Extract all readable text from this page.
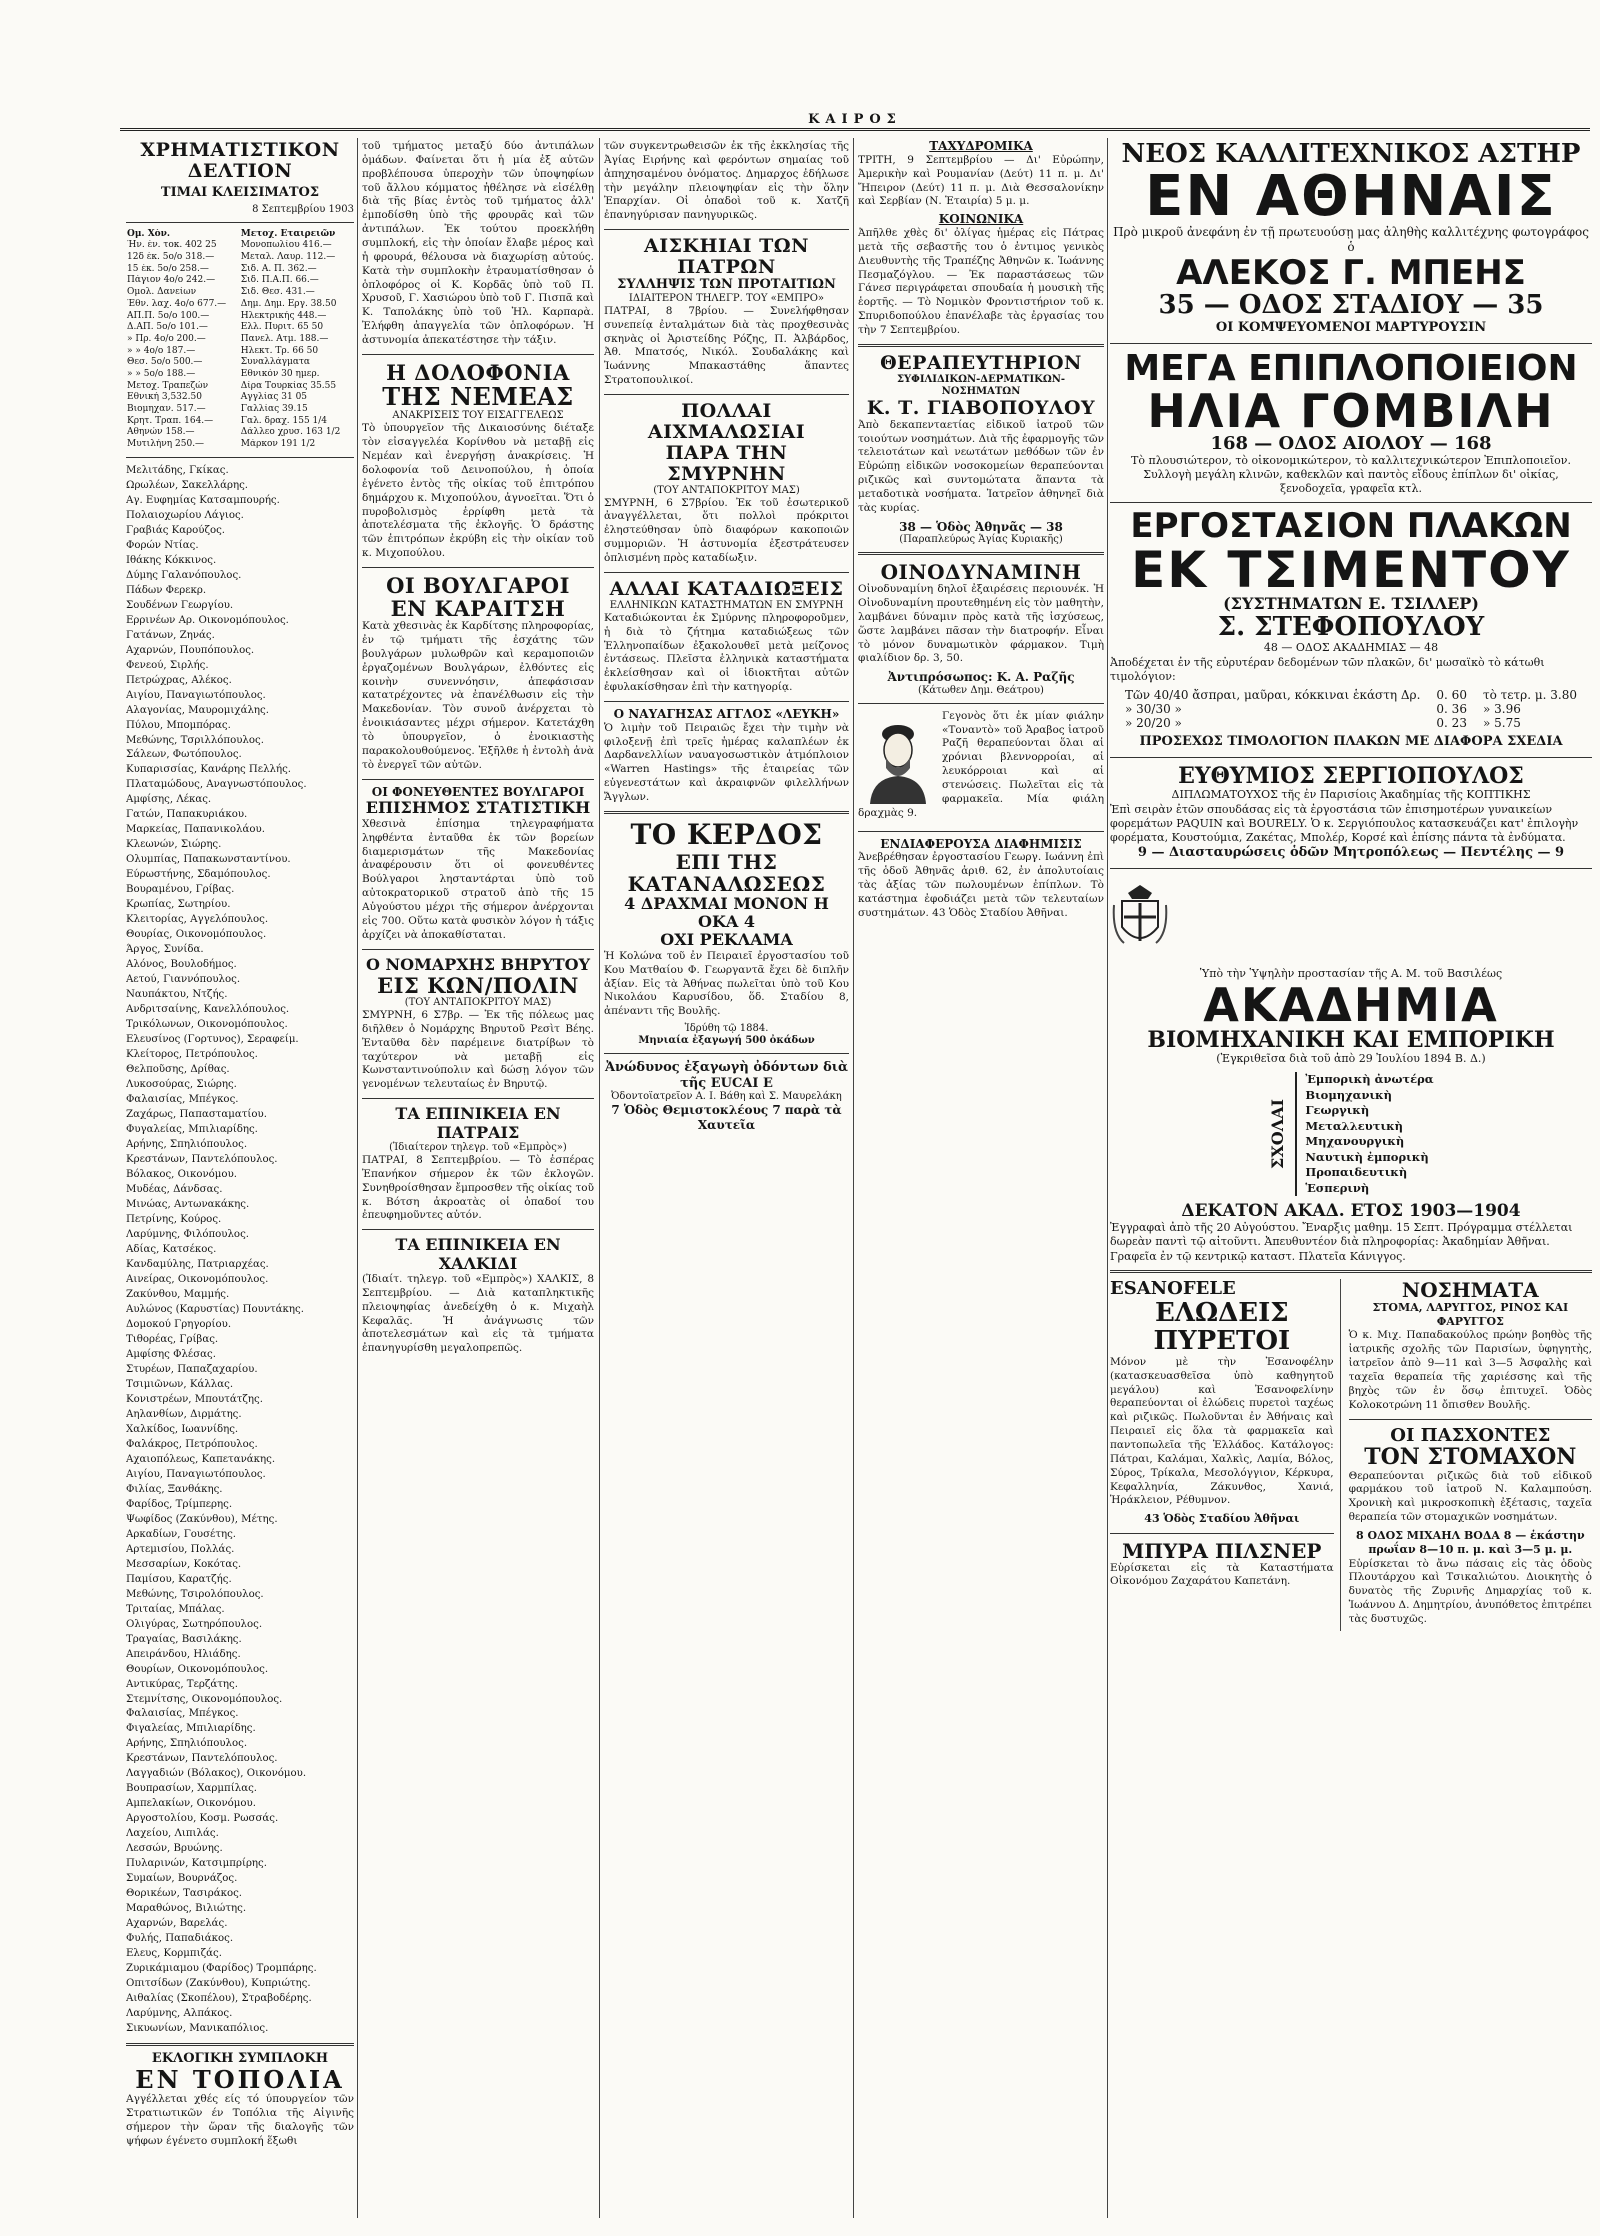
ΚΑΙΡΟΣ
ΧΡΗΜΑΤΙΣΤΙΚΟΝ ΔΕΛΤΙΟΝ
ΤΙΜΑΙ ΚΛΕΙΣΙΜΑΤΟΣ
8 Σεπτεμβρίου 1903
Ομ. Χόν.	Μετοχ. Εταιρειῶν
Ήν. έν. τοκ. 402 25	Μονοπωλίου 416.—
12δ έκ. 5ο/ο 318.—	Μεταλ. Λαυρ. 112.—
15 έκ. 5ο/ο 258.—	Σιδ. Α. Π. 362.—
Πάγιον 4ο/ο 242.—	Σιδ. Π.Α.Π. 66.—
Ομολ. Δανείων	Σιδ. Θεσ. 431.—
Έθν. λαχ. 4ο/ο 677.—	Δημ. Δημ. Εργ. 38.50
ΑΠ.Π. 5ο/ο 100.—	Ηλεκτρικής 448.—
Δ.ΑΠ. 5ο/ο 101.—	Ελλ. Πυριτ. 65 50
» Πρ. 4ο/ο 200.—	Πανελ. Ατμ. 188.—
» » 4ο/ο 187.—	Ηλεκτ. Τρ. 66 50
Θεσ. 5ο/ο 500.—	Συναλλάγματα
» » 5ο/ο 188.—	Εθνικόν 30 ημερ.
Μετοχ. Τραπεζών	Δίρα Τουρκίας 35.55
Εθνική 3,532.50	Αγγλίας 31 05
Βιομηχαν. 517.—	Γαλλίας 39.15
Κρητ. Τραπ. 164.—	Γαλ. δραχ. 155 1/4
Αθηνών 158.—	Δάλλεο χρυσ. 163 1/2
Μυτιλήνη 250.—	Μάρκον 191 1/2
Μελιτάδης, Γκίκας.
Ωρωλέων, Σακελλάρης.
Αγ. Ευφημίας Κατσαμπουρής.
Πολαιοχωρίου Λάγιος.
Γραβιάς Καρούζος.
Φορών Ντίας.
Ιθάκης Κόκκινος.
Δύμης Γαλανόπουλος.
Πάδων Φερεκρ.
Σουδένων Γεωργίου.
Ερρινέων Αρ. Οικονομόπουλος.
Γατάνων, Ζηνάς.
Αχαρνών, Πουπόπουλος.
Φενεού, Σιρλής.
Πετρώχρας, Αλέκος.
Αιγίου, Παναγιωτόπουλος.
Αλαγονίας, Μαυρομιχάλης.
Πύλου, Μπομπόρας.
Μεθώνης, Τσριλλόπουλος.
Σάλεων, Φωτόπουλος.
Κυπαρισσίας, Κανάρης Πελλής.
Πλαταμώδους, Αναγνωστόπουλος.
Αμφίσης, Λέκας.
Γατών, Παπακυριάκου.
Μαρκείας, Παπανικολάου.
Κλεωνών, Σιώρης.
Ολυμπίας, Παπακωνσταντίνου.
Εύρωστήνης, Σδαμόπουλος.
Βουραμένου, Γρίβας.
Κρωπίας, Σωτηρίου.
Κλειτορίας, Αγγελόπουλος.
Θουρίας, Οικονομόπουλος.
Άργος, Συνίδα.
Αλόνος, Βουλοδήμος.
Αετού, Γιαννόπουλος.
Ναυπάκτου, Ντζής.
Ανδριτσαίνης, Κανελλόπουλος.
Τρικόλωνων, Οικονομόπουλος.
Ελευσίνος (Γορτυνος), Σεραφείμ.
Κλείτορος, Πετρόπουλος.
Θελποῦσης, Δρίθας.
Λυκοσούρας, Σιώρης.
Φαλαισίας, Μπέγκος.
Ζαχάρως, Παπασταματίου.
Φυγαλείας, Μπιλιαρίδης.
Αρήνης, Σπηλιόπουλος.
Κρεστάνων, Παντελόπουλος.
Βόλακος, Οικονόμου.
Μυδέας, Δάνδσας.
Μινώας, Αντωνακάκης.
Πετρίνης, Κούρος.
Λαρύμνης, Φιλόπουλος.
Αδίας, Κατσέκος.
Κανδαμύλης, Πατριαρχέας.
Αινείρας, Οικονομόπουλος.
Ζακύνθου, Μαμμής.
Αυλώνος (Καρυστίας) Πουντάκης.
Δομοκού Γρηγορίου.
Τιθορέας, Γρίβας.
Αμφίσης Φλέσας.
Στυρέων, Παπαζαχαρίου.
Τσιμιῶνων, Κάλλας.
Κονιστρέων, Μπουτάτζης.
Αηλανθίων, Διρμάτης.
Χαλκίδος, Ιωαννίδης.
Φαλάκρος, Πετρόπουλος.
Αχαιοπόλεως, Καπετανάκης.
Αιγίου, Παναγιωτόπουλος.
Φιλίας, Ξανθάκης.
Φαρίδος, Τρίμπερης.
Ψωφίδος (Ζακύνθου), Μέτης.
Αρκαδίων, Γουσέτης.
Αρτεμισίου, Πολλάς.
Μεσσαρίων, Κοκότας.
Παμίσου, Καρατζής.
Μεθώνης, Τσιρολόπουλος.
Τριταίας, Μπάλας.
Ολιγύρας, Σωτηρόπουλος.
Τραγαίας, Βασιλάκης.
Απειράνδου, Ηλιάδης.
Θουρίων, Οικονομόπουλος.
Αντικύρας, Τερζάτης.
Στεμνίτσης, Οικονομόπουλος.
Φαλαισίας, Μπέγκος.
Φιγαλείας, Μπιλιαρίδης.
Αρήνης, Σπηλιόπουλος.
Κρεστάνων, Παντελόπουλος.
Λαγγαδιών (Βόλακος), Οικονόμου.
Βουπρασίων, Χαρμπίλας.
Αμπελακίων, Οικονόμου.
Αργοστολίου, Κοσμ. Ρωσσάς.
Λαχείου, Λιπιλάς.
Λεσσών, Βρυώνης.
Πυλαρινών, Κατσιμπρίρης.
Συμαίων, Βουρνάζος.
Θορικέων, Τασιράκος.
Μαραθώνος, Βιλιώτης.
Αχαρνών, Βαρελάς.
Φυλής, Παπαδιάκος.
Ελευς, Κορμπιζάς.
Ζυρικάμιαμου (Φαρίδος) Τρομπάρης.
Οπιτσίδων (Ζακύνθου), Κυπριώτης.
Αιθαλίας (Σκοπέλου), Στραβοδέρης.
Λαρύμνης, Αλπάκος.
Σικυωνίων, Μανικαπόλιος.
ΕΚΛΟΓΙΚΗ ΣΥΜΠΛΟΚΗ
ΕΝ ΤΟΠΟΛΙΑ

Αγγέλλεται χθές είς τό ύπουργείον τῶν Στρατιωτικῶν έν Τοπόλια τῆς Αἰγινῆς σήμερον τὴν ὥραν τῆς διαλογῆς τῶν ψήφων έγένετο συμπλοκή ἕξωθι

τοῦ τμήματος μεταξύ δύο ἀντιπάλων ὁμάδων. Φαίνεται ὅτι ἡ μία ἐξ αὐτῶν προβλέπουσα ὑπεροχὴν τῶν ὑποψηφίων τοῦ ἄλλου κόμματος ἠθέλησε νὰ εἰσέλθῃ διὰ τῆς βίας ἐντὸς τοῦ τμήματος ἀλλ' ἐμποδίσθη ὑπὸ τῆς φρουρᾶς καὶ τῶν ἀντιπάλων. Ἐκ τούτου προεκλήθη συμπλοκή, εἰς τὴν ὁποίαν ἔλαβε μέρος καὶ ἡ φρουρά, θέλουσα νὰ διαχωρίσῃ αὐτούς. Κατὰ τὴν συμπλοκὴν ἐτραυματίσθησαν ὁ ὁπλοφόρος οἱ Κ. Κορδᾶς ὑπὸ τοῦ Π. Χρυσοῦ, Γ. Χασιώρου ὑπὸ τοῦ Γ. Πισπᾶ καὶ Κ. Ταπολάκης ὑπὸ τοῦ Ἠλ. Καρπαρὰ. Ἐλήφθη ἀπαγγελία τῶν ὁπλοφόρων. Ἡ ἀστυνομία ἀπεκατέστησε τὴν τάξιν.

Η ΔΟΛΟΦΟΝΙΑ
ΤΗΣ ΝΕΜΕΑΣ
ΑΝΑΚΡΙΣΕΙΣ ΤΟΥ ΕΙΣΑΓΓΕΛΕΩΣ

Τὸ ὑπουργεῖον τῆς Δικαιοσύνης διέταξε τὸν εἰσαγγελέα Κορίνθου νὰ μεταβῇ εἰς Νεμέαν καὶ ἐνεργήσῃ ἀνακρίσεις. Ἡ δολοφονία τοῦ Δεινοπούλου, ἡ ὁποία ἐγένετο ἐντὸς τῆς οἰκίας τοῦ ἐπιτρόπου δημάρχου κ. Μιχοπούλου, ἀγνοεῖται. Ὅτι ὁ πυροβολισμὸς ἐρρίφθη μετὰ τὰ ἀποτελέσματα τῆς ἐκλογῆς. Ὁ δράστης τῶν ἐπιτρόπων ἐκρύβη εἰς τὴν οἰκίαν τοῦ κ. Μιχοπούλου.

ΟΙ ΒΟΥΛΓΑΡΟΙ
ΕΝ ΚΑΡΑΙΤΣΗ

Κατὰ χθεσινὰς ἐκ Καρδίτσης πληροφορίας, ἐν τῷ τμήματι τῆς ἐσχάτης τῶν βουλγάρων μυλωθρῶν καὶ κεραμοποιῶν ἐργαζομένων Βουλγάρων, ἐλθόντες εἰς κοινὴν συνεννόησιν, ἀπεφάσισαν κατατρέχοντες νὰ ἐπανέλθωσιν εἰς τὴν Μακεδονίαν. Τὸν συνοῦ ἀνέρχεται τὸ ἐνοικιάσαντες μέχρι σήμερον. Κατετάχθη τὸ ὑπουργεῖον, ὁ ἐνοικιαστὴς παρακολουθούμενος. Ἐξῆλθε ἡ ἐντολὴ ἀνὰ τὸ ἐνεργεῖ τῶν αὐτῶν.

ΟΙ ΦΟΝΕΥΘΕΝΤΕΣ ΒΟΥΛΓΑΡΟΙ
ΕΠΙΣΗΜΟΣ ΣΤΑΤΙΣΤΙΚΗ

Χθεσινὰ ἐπίσημα τηλεγραφήματα ληφθέντα ἐνταῦθα ἐκ τῶν βορείων διαμερισμάτων τῆς Μακεδονίας ἀναφέρουσιν ὅτι οἱ φονευθέντες Βούλγαροι λησταντάρται ὑπὸ τοῦ αὐτοκρατορικοῦ στρατοῦ ἀπὸ τῆς 15 Αὐγούστου μέχρι τῆς σήμερον ἀνέρχονται εἰς 700. Οὕτω κατὰ φυσικὸν λόγον ἡ τάξις ἀρχίζει νὰ ἀποκαθίσταται.

Ο ΝΟΜΑΡΧΗΣ ΒΗΡΥΤΟΥ
ΕΙΣ ΚΩΝ/ΠΟΛΙΝ
(ΤΟΥ ΑΝΤΑΠΟΚΡΙΤΟΥ ΜΑΣ)

ΣΜΥΡΝΗ, 6 Σ7βρ. — Ἐκ τῆς πόλεως μας διῆλθεν ὁ Νομάρχης Βηρυτοῦ Ρεσὶτ Βέης. Ἐνταῦθα δὲν παρέμεινε διατρίβων τὸ ταχύτερον νὰ μεταβῇ εἰς Κωνσταντινούπολιν καὶ δώσῃ λόγον τῶν γενομένων τελευταίως ἐν Βηρυτῷ.

ΤΑ ΕΠΙΝΙΚΕΙΑ ΕΝ ΠΑΤΡΑΙΣ
(Ἰδιαίτερον τηλεγρ. τοῦ «Εμπρὸς»)

ΠΑΤΡΑΙ, 8 Σεπτεμβρίου. — Τὸ ἐσπέρας Ἐπανήκον σήμερον ἐκ τῶν ἐκλογῶν. Συνηθροίσθησαν ἔμπροσθεν τῆς οἰκίας τοῦ κ. Βότση ἀκροατὰς οἱ ὀπαδοί του ἐπευφημοῦντες αὐτόν.

ΤΑ ΕΠΙΝΙΚΕΙΑ ΕΝ ΧΑΛΚΙΔΙ

(Ἰδιαίτ. τηλεγρ. τοῦ «Εμπρὸς») ΧΑΛΚΙΣ, 8 Σεπτεμβρίου. — Διὰ καταπληκτικῆς πλειοψηφίας ἀνεδείχθη ὁ κ. Μιχαὴλ Κεφαλᾶς. Ἡ ἀνάγνωσις τῶν ἀποτελεσμάτων καὶ εἰς τὰ τμήματα ἐπανηγυρίσθη μεγαλοπρεπῶς.

τῶν συγκεντρωθεισῶν ἐκ τῆς ἐκκλησίας τῆς Ἀγίας Ειρήνης καὶ φερόντων σημαίας τοῦ ἀπηχησαμένου ὀνόματος. Δημαρχος ἐδήλωσε τὴν μεγάλην πλειοψηφίαν εἰς τὴν ὅλην Ἐπαρχίαν. Οἱ ὁπαδοὶ τοῦ κ. Χατζῆ ἐπανηγύρισαν πανηγυρικῶς.

ΑΙΣΚΗΙΑΙ ΤΩΝ ΠΑΤΡΩΝ
ΣΥΛΛΗΨΙΣ ΤΩΝ ΠΡΟΤΑΙΤΙΩΝ
ΙΔΙΑΙΤΕΡΟΝ ΤΗΛΕΓΡ. ΤΟΥ «ΕΜΠΡΟ»

ΠΑΤΡΑΙ, 8 7βρίου. — Συνελήφθησαν συνεπείᾳ ἐνταλμάτων διὰ τὰς προχθεσινὰς σκηνὰς οἱ Ἀριστείδης Ρόζης, Π. Ἀλβάρδος, Ἀθ. Μπατσός, Νικόλ. Σουδαλάκης καὶ Ἰωάννης Μπακαστάθης ἅπαντες Στρατοπουλικοί.

ΠΟΛΛΑΙ ΑΙΧΜΑΛΩΣΙΑΙ
ΠΑΡΑ ΤΗΝ ΣΜΥΡΝΗΝ
(ΤΟΥ ΑΝΤΑΠΟΚΡΙΤΟΥ ΜΑΣ)

ΣΜΥΡΝΗ, 6 Σ7βρίου. Ἐκ τοῦ ἐσωτερικοῦ ἀναγγέλλεται, ὅτι πολλοὶ πρόκριτοι ἐληστεύθησαν ὑπὸ διαφόρων κακοποιῶν συμμοριῶν. Ἡ ἀστυνομία ἐξεστράτευσεν ὁπλισμένη πρὸς καταδίωξιν.

ΑΛΛΑΙ ΚΑΤΑΔΙΩΞΕΙΣ
ΕΛΛΗΝΙΚΩΝ ΚΑΤΑΣΤΗΜΑΤΩΝ ΕΝ ΣΜΥΡΝΗ

Καταδιώκονται ἐκ Σμύρνης πληροφοροῦμεν, ἡ διὰ τὸ ζήτημα καταδιώξεως τῶν Ἑλληνοπαίδων ἐξακολουθεῖ μετὰ μείζονος ἐντάσεως. Πλεῖστα ἑλληνικὰ καταστήματα ἐκλείσθησαν καὶ οἱ ἰδιοκτῆται αὐτῶν ἐφυλακίσθησαν ἐπὶ τὴν κατηγορίᾳ.

Ο ΝΑΥΑΓΗΣΑΣ ΑΓΓΛΟΣ «ΛΕΥΚΗ»

Ὁ λιμὴν τοῦ Πειραιῶς ἔχει τὴν τιμὴν νὰ φιλοξενῇ ἐπὶ τρεῖς ἡμέρας καλαπλέων ἐκ Δαρδανελλίων ναυαγοσωστικὸν ἀτμόπλοιον «Warren Hastings» τῆς ἐταιρείας τῶν εὐγενεστάτων καὶ ἀκραιφνῶν φιλελλήνων Ἄγγλων.

ΤΟ ΚΕΡΔΟΣ
ΕΠΙ ΤΗΣ ΚΑΤΑΝΑΛΩΣΕΩΣ
4 ΔΡΑΧΜΑΙ ΜΟΝΟΝ Η ΟΚΑ 4
ΟΧΙ ΡΕΚΛΑΜΑ

Ἡ Κολώνα τοῦ ἐν Πειραιεῖ ἐργοστασίου τοῦ Κου Ματθαίου Φ. Γεωργαντᾶ ἔχει δὲ διπλῆν ἀξίαν. Εἰς τὰ Ἀθήνας πωλεῖται ὑπὸ τοῦ Κου Νικολάου Καρυσίδου, ὅδ. Σταδίου 8, ἀπέναντι τῆς Βουλῆς.

Ἱδρύθη τῷ 1884.
Μηνιαία ἐξαγωγή 500 ὀκάδων
Ἀνώδυνος ἐξαγωγὴ ὀδόντων διὰ τῆς EUCAI E
Ὀδοντοϊατρεῖον Α. Ι. Βάθη καὶ Σ. Μαυρελάκη
7 Ὁδὸς Θεμιστοκλέους 7 παρὰ τὰ Χαυτεῖα
ΤΑΧΥΔΡΟΜΙΚΑ

ΤΡΙΤΗ, 9 Σεπτεμβρίου — Δι' Εὐρώπην, Ἀμερικὴν καὶ Ρουμανίαν (Δεύτ) 11 π. μ. Δι' Ἤπειρον (Δεύτ) 11 π. μ. Διὰ Θεσσαλονίκην καὶ Σερβίαν (Ν. Ἑταιρία) 5 μ. μ.

ΚΟΙΝΩΝΙΚΑ

Ἀπῆλθε χθὲς δι' ὀλίγας ἡμέρας εἰς Πάτρας μετὰ τῆς σεβαστῆς του ὁ ἐντιμος γενικὸς Διευθυντὴς τῆς Τραπέζης Ἀθηνῶν κ. Ἰωάννης Πεσμαζόγλου. — Ἐκ παραστάσεως τῶν Γάνεσ περιγράφεται σπουδαία ἡ μουσικὴ τῆς ἑορτῆς. — Τὸ Νομικὸν Φροντιστήριον τοῦ κ. Σπυριδοπούλου ἐπανέλαβε τὰς ἐργασίας του τὴν 7 Σεπτεμβρίου.

ΘΕΡΑΠΕΥΤΗΡΙΟΝ
ΣΥΦΙΛΙΔΙΚΩΝ-ΔΕΡΜΑΤΙΚΩΝ-ΝΟΣΗΜΑΤΩΝ
Κ. Τ. ΓΙΑΒΟΠΟΥΛΟΥ

Ἀπὸ δεκαπενταετίας εἰδικοῦ ἰατροῦ τῶν τοιούτων νοσημάτων. Διὰ τῆς ἐφαρμογῆς τῶν τελειοτάτων καὶ νεωτάτων μεθόδων τῶν ἐν Εὐρώπῃ εἰδικῶν νοσοκομείων θεραπεύονται ριζικῶς καὶ συντομώτατα ἅπαντα τὰ μεταδοτικὰ νοσήματα. Ἰατρεῖον ἀθηνηεῖ διὰ τὰς κυρίας.

38 — Ὁδὸς Ἀθηνᾶς — 38
(Παραπλεύρως Ἁγίας Κυριακῆς)
ΟΙΝΟΔΥΝΑΜΙΝΗ

Οἰνοδυναμίνη δηλοῖ ἐξαιρέσεις περιουνέκ. Ἡ Οἰνοδυναμίνη προυτεθημένη εἰς τὸν μαθητὴν, λαμβάνει δύναμιν πρὸς κατὰ τῆς ἰσχύσεως, ὥστε λαμβάνει πᾶσαν τὴν διατροφήν. Εἶναι τὸ μόνον δυναμωτικὸν φάρμακον. Τιμὴ φιαλίδιον δρ. 3, 50.

Ἀντιπρόσωπος: Κ. Α. Ραζῆς
(Κάτωθεν Δημ. Θεάτρου)

Γεγονὸς ὅτι ἐκ μίαν φιάλην «Τοναντὸ» τοῦ Ἀραβος ἰατροῦ Ραζῆ θεραπεύονται ὅλαι αἱ χρόνιαι βλεννορροίαι, αἱ λευκόρροιαι καὶ αἱ στενώσεις. Πωλεῖται εἰς τὰ φαρμακεῖα. Μία φιάλη δραχμὰς 9.

ΕΝΔΙΑΦΕΡΟΥΣΑ ΔΙΑΦΗΜΙΣΙΣ

Ἀνεβρέθησαν ἐργοστασίου Γεωργ. Ιωάννη ἐπὶ τῆς ὁδοῦ Ἀθηνᾶς ἀριθ. 62, ἐν ἀπολυτοίαις τὰς ἀξίας τῶν πωλουμένων ἐπίπλων. Τὸ κατάστημα ἐφοδιάζει μετὰ τῶν τελευταίων συστημάτων. 43 Ὁδὸς Σταδίου Ἀθῆναι.

ΝΕΟΣ ΚΑΛΛΙΤΕΧΝΙΚΟΣ ΑΣΤΗΡ
ΕΝ ΑΘΗΝΑΙΣ
Πρὸ μικροῦ ἀνεφάνη ἐν τῇ πρωτευούσῃ μας ἀληθὴς καλλιτέχνης φωτογράφος ὁ
ΑΛΕΚΟΣ Γ. ΜΠΕΗΣ
35 — ΟΔΟΣ ΣΤΑΔΙΟΥ — 35
ΟΙ ΚΟΜΨΕΥΟΜΕΝΟΙ ΜΑΡΤΥΡΟΥΣΙΝ
ΜΕΓΑ ΕΠΙΠΛΟΠΟΙΕΙΟΝ
ΗΛΙΑ ΓΟΜΒΙΛΗ
168 — ΟΔΟΣ ΑΙΟΛΟΥ — 168
Τὸ πλουσιώτερον, τὸ οἰκονομικώτερον, τὸ καλλιτεχνικώτερον Ἐπιπλοποιεῖον. Συλλογὴ μεγάλη κλινῶν, καθεκλῶν καὶ παντὸς εἴδους ἐπίπλων δι' οἰκίας, ξενοδοχεῖα, γραφεῖα κτλ.
ΕΡΓΟΣΤΑΣΙΟΝ ΠΛΑΚΩΝ
ΕΚ ΤΣΙΜΕΝΤΟΥ
(ΣΥΣΤΗΜΑΤΩΝ Ε. ΤΣΙΛΛΕΡ)
Σ. ΣΤΕΦΟΠΟΥΛΟΥ
48 — ΟΔΟΣ ΑΚΑΔΗΜΙΑΣ — 48
Ἀποδέχεται ἐν τῆς εὐρυτέραν δεδομένων τῶν πλακῶν, δι' μωσαϊκὸ τὸ κάτωθι τιμολόγιον:
Τῶν 40/40 ἄσπραι, μαῦραι, κόκκιναι ἑκάστη Δρ.	0. 60	τὸ τετρ. μ. 3.80
» 30/30 »	0. 36	» 3.96
» 20/20 »	0. 23	» 5.75
ΠΡΟΣΕΧΩΣ ΤΙΜΟΛΟΓΙΟΝ ΠΛΑΚΩΝ ΜΕ ΔΙΑΦΟΡΑ ΣΧΕΔΙΑ
ΕΥΘΥΜΙΟΣ ΣΕΡΓΙΟΠΟΥΛΟΣ
ΔΙΠΛΩΜΑΤΟΥΧΟΣ τῆς ἐν Παρισίοις Ἀκαδημίας τῆς ΚΟΠΤΙΚΗΣ
Ἐπὶ σειρὰν ἐτῶν σπουδάσας εἰς τὰ ἐργοστάσια τῶν ἐπισημοτέρων γυναικείων φορεμάτων PAQUIN καὶ BOURELY. Ὁ κ. Σεργιόπουλος κατασκευάζει κατ' ἐπιλογὴν φορέματα, Κουστούμια, Ζακέτας, Μπολέρ, Κορσέ καὶ ἐπίσης πάντα τὰ ἐνδύματα.
9 — Διασταυρώσεις ὁδῶν Μητροπόλεως — Πεντέλης — 9
Ὑπὸ τὴν Ὑψηλὴν προστασίαν τῆς Α. Μ. τοῦ Βασιλέως
ΑΚΑΔΗΜΙΑ
ΒΙΟΜΗΧΑΝΙΚΗ ΚΑΙ ΕΜΠΟΡΙΚΗ
(Ἐγκριθεῖσα διὰ τοῦ ἀπὸ 29 Ἰουλίου 1894 Β. Δ.)
ΣΧΟΛΑΙ
Ἐμπορικὴ ἀνωτέρα
Βιομηχανικὴ
Γεωργικὴ
Μεταλλευτικὴ
Μηχανουργικὴ
Ναυτικὴ ἐμπορικὴ
Προπαιδευτικὴ
Ἑσπερινὴ
ΔΕΚΑΤΟΝ ΑΚΑΔ. ΕΤΟΣ 1903—1904
Ἐγγραφαὶ ἀπὸ τῆς 20 Αὐγούστου. Ἔναρξις μαθημ. 15 Σεπτ. Πρόγραμμα στέλλεται δωρεὰν παντὶ τῷ αἰτοῦντι. Ἀπευθυντέον διὰ πληροφορίας: Ἀκαδημίαν Ἀθῆναι. Γραφεῖα ἐν τῷ κεντρικῷ καταστ. Πλατεῖα Κάνιγγος.
ESANOFELE
ΕΛΩΔΕΙΣ ΠΥΡΕΤΟΙ

Μόνον μὲ τὴν Ἐσανοφέλην (κατασκευασθεῖσα ὑπὸ καθηγητοῦ μεγάλου) καὶ Ἐσανοφελίνην θεραπεύονται οἱ ἐλώδεις πυρετοὶ ταχέως καὶ ριζικῶς. Πωλοῦνται ἐν Ἀθήναις καὶ Πειραιεῖ εἰς ὅλα τὰ φαρμακεῖα καὶ παντοπωλεῖα τῆς Ἑλλάδος. Κατάλογος: Πάτραι, Καλάμαι, Χαλκὶς, Λαμία, Βόλος, Σύρος, Τρίκαλα, Μεσολόγγιον, Κέρκυρα, Κεφαλληνία, Ζάκυνθος, Χανιά, Ἡράκλειον, Ρέθυμνον.

43 Ὁδὸς Σταδίου Ἀθῆναι
ΜΠΥΡΑ ΠΙΛΣΝΕΡ

Εὑρίσκεται εἰς τὰ Καταστήματα Οἰκονόμου Ζαχαράτου Καπετάνη.

ΝΟΣΗΜΑΤΑ
ΣΤΟΜΑ, ΛΑΡΥΓΓΟΣ, ΡΙΝΟΣ ΚΑΙ ΦΑΡΥΓΓΟΣ

Ὁ κ. Μιχ. Παπαδακούλος πρώην βοηθὸς τῆς ἰατρικῆς σχολῆς τῶν Παρισίων, ὑφηγητὴς, ἰατρεῖον ἀπὸ 9—11 καὶ 3—5 Ἀσφαλὴς καὶ ταχεῖα θεραπεία τῆς χαριέσσης καὶ τῆς βηχὸς τῶν ἐν ὅσῳ ἐπιτυχεῖ. Ὁδὸς Κολοκοτρώνη 11 ὄπισθεν Βουλῆς.

ΟΙ ΠΑΣΧΟΝΤΕΣ
ΤΟΝ ΣΤΟΜΑΧΟΝ

Θεραπεύονται ριζικῶς διὰ τοῦ εἰδικοῦ φαρμάκου τοῦ ἰατροῦ Ν. Καλαμπούση. Χρονικὴ καὶ μικροσκοπικὴ ἐξέτασις, ταχεῖα θεραπεία τῶν στομαχικῶν νοσημάτων.

8 ΟΔΟΣ ΜΙΧΑΗΛ ΒΟΔΑ 8 — ἑκάστην πρωΐαν 8—10 π. μ. καὶ 3—5 μ. μ.

Εὑρίσκεται τὸ ἄνω πάσαις εἰς τὰς ὁδοὺς Πλουτάρχου καὶ Τσικαλιώτου. Διοικητὴς ὁ δυνατὸς τῆς Ζυρινῆς Δημαρχίας τοῦ κ. Ἰωάννου Δ. Δημητρίου, ἀνυπόθετος ἐπιτρέπει τὰς δυστυχῶς.
